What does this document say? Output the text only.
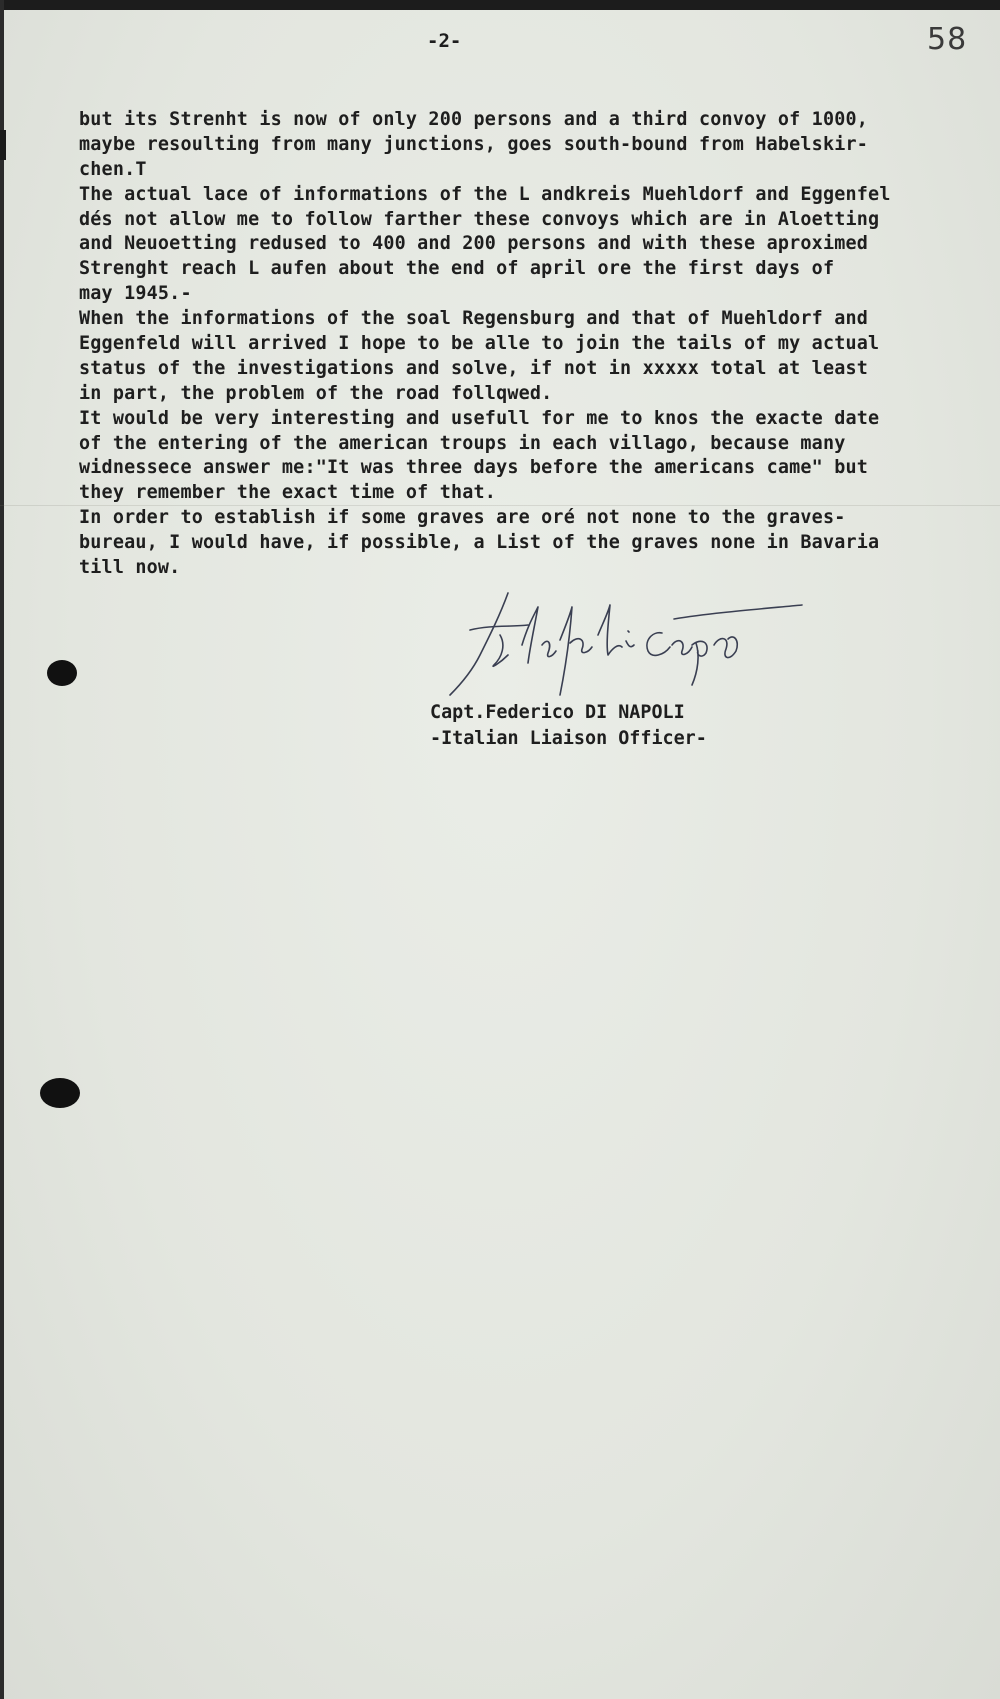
-2-	58
but its Strenht is now of only 200 persons and a third convoy of 1000,
maybe resoulting from many junctions, goes south-bound from Habelskir-
chen.T
The actual lace of informations of the L andkreis Muehldorf and Eggenfel
dés not allow me to follow farther these convoys which are in Aloetting
and Neuoetting redused to 400 and 200 persons and with these aproximed
Strenght reach L aufen about the end of april ore the first days of
may 1945.-
When the informations of the soal Regensburg and that of Muehldorf and
Eggenfeld will arrived I hope to be alle to join the tails of my actual
status of the investigations and solve, if not in xxxxx total at least
in part, the problem of the road follqwed.
It would be very interesting and usefull for me to knos the exacte date
of the entering of the american troups in each villago, because many
widnessece answer me:"It was three days before the americans came" but
they remember the exact time of that.
In order to establish if some graves are oré not none to the graves-
bureau, I would have, if possible, a List of the graves none in Bavaria
till now.
Capt.Federico DI NAPOLI
-Italian Liaison Officer-
